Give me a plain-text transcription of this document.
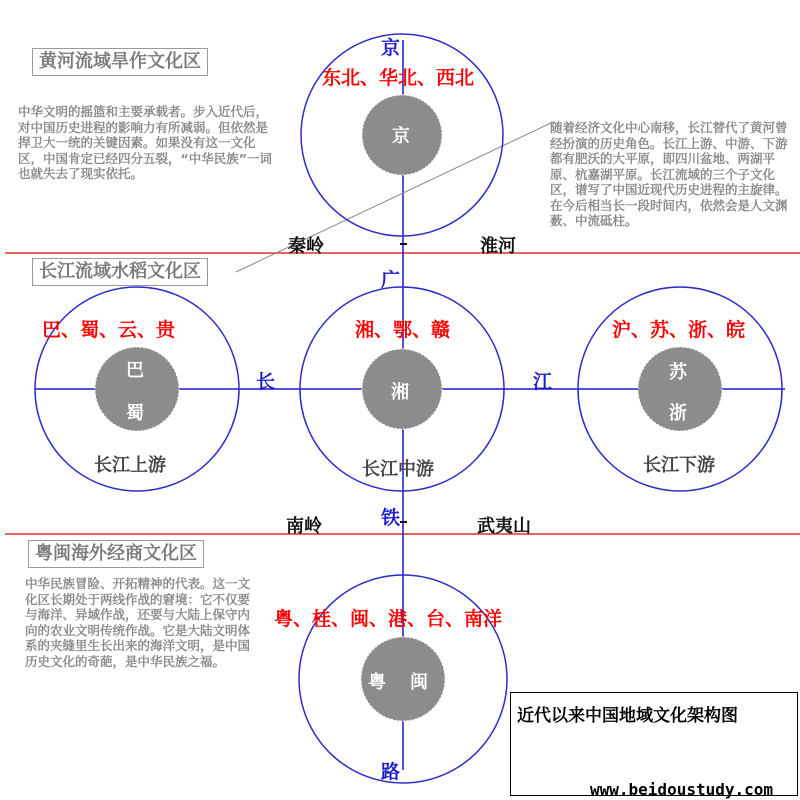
黄河流域旱作文化区
中华文明的摇篮和主要承载者。步入近代后，对中国历史进程的影响力有所减弱。但依然是捍卫大一统的关键因素。如果没有这一文化区，中国肯定已经四分五裂，“中华民族”一词也就失去了现实依托。
长江流域水稻文化区
随着经济文化中心南移，长江替代了黄河曾经扮演的历史角色。长江上游、中游、下游都有肥沃的大平原，即四川盆地、两湖平原、杭嘉湖平原。长江流域的三个子文化区，谱写了中国近现代历史进程的主旋律。在今后相当长一段时间内，依然会是人文渊薮、中流砥柱。
粤闽海外经商文化区
中华民族冒险、开拓精神的代表。这一文化区长期处于两线作战的窘境：它不仅要与海洋、异域作战，还要与大陆上保守内向的农业文明传统作战。它是大陆文明体系的夹缝里生长出来的海洋文明，是中国历史文化的奇葩，是中华民族之福。
京
广
铁
路
长	江
秦岭	淮河
南岭	武夷山
东北、华北、西北
京
巴、蜀、云、贵
巴
蜀
长江上游
湘、鄂、赣
湘
长江中游
沪、苏、浙、皖
苏
浙
长江下游
粤、桂、闽、港、台、南洋
粤 闽
近代以来中国地域文化架构图
www.beidoustudy.com
